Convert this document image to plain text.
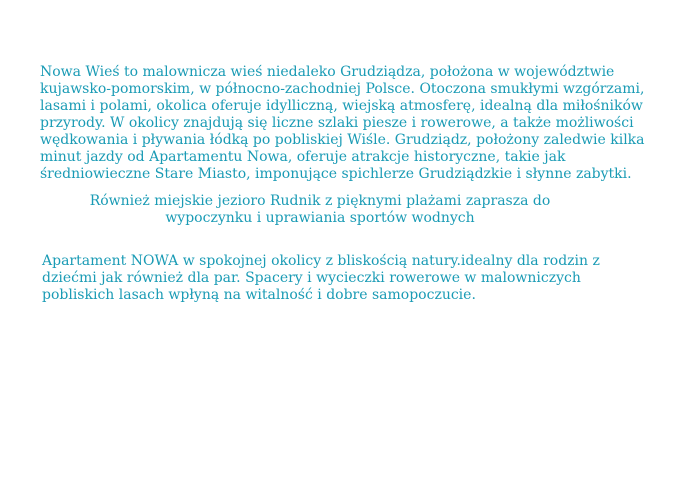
Nowa Wieś to malownicza wieś niedaleko Grudziądza, położona w województwie
kujawsko-pomorskim, w północno-zachodniej Polsce. Otoczona smukłymi wzgórzami,
lasami i polami, okolica oferuje idylliczną, wiejską atmosferę, idealną dla miłośników
przyrody. W okolicy znajdują się liczne szlaki piesze i rowerowe, a także możliwości
wędkowania i pływania łódką po pobliskiej Wiśle. Grudziądz, położony zaledwie kilka
minut jazdy od Apartamentu Nowa, oferuje atrakcje historyczne, takie jak
średniowieczne Stare Miasto, imponujące spichlerze Grudziądzkie i słynne zabytki.

Również miejskie jezioro Rudnik z pięknymi plażami zaprasza do
wypoczynku i uprawiania sportów wodnych

Apartament NOWA w spokojnej okolicy z bliskością natury.idealny dla rodzin z
dziećmi jak również dla par. Spacery i wycieczki rowerowe w malowniczych
pobliskich lasach wpłyną na witalność i dobre samopoczucie.
